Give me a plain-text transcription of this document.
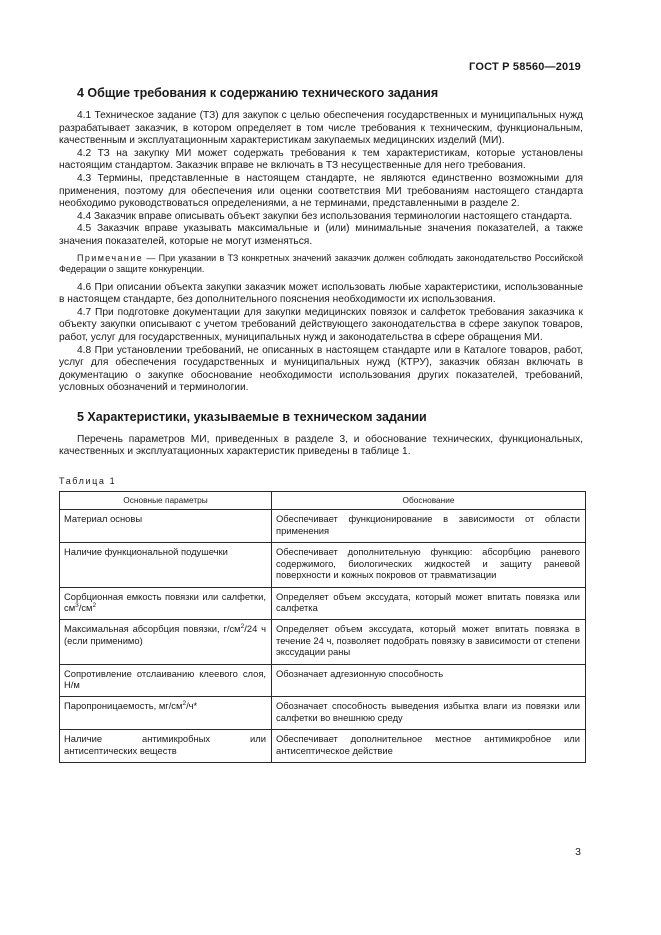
ГОСТ Р 58560—2019
4 Общие требования к содержанию технического задания

4.1 Техническое задание (ТЗ) для закупок с целью обеспечения государственных и муниципальных нужд разрабатывает заказчик, в котором определяет в том числе требования к техническим, функциональным, качественным и эксплуатационным характеристикам закупаемых медицинских изделий (МИ).

4.2 ТЗ на закупку МИ может содержать требования к тем характеристикам, которые установлены настоящим стандартом. Заказчик вправе не включать в ТЗ несущественные для него требования.

4.3 Термины, представленные в настоящем стандарте, не являются единственно возможными для применения, поэтому для обеспечения или оценки соответствия МИ требованиям настоящего стандарта необходимо руководствоваться определениями, а не терминами, представленными в разделе 2.

4.4 Заказчик вправе описывать объект закупки без использования терминологии настоящего стандарта.

4.5 Заказчик вправе указывать максимальные и (или) минимальные значения показателей, а также значения показателей, которые не могут изменяться.

Примечание — При указании в ТЗ конкретных значений заказчик должен соблюдать законодательство Российской Федерации о защите конкуренции.

4.6 При описании объекта закупки заказчик может использовать любые характеристики, использованные в настоящем стандарте, без дополнительного пояснения необходимости их использования.

4.7 При подготовке документации для закупки медицинских повязок и салфеток требования заказчика к объекту закупки описывают с учетом требований действующего законодательства в сфере закупок товаров, работ, услуг для государственных, муниципальных нужд и законодательства в сфере обращения МИ.

4.8 При установлении требований, не описанных в настоящем стандарте или в Каталоге товаров, работ, услуг для обеспечения государственных и муниципальных нужд (КТРУ), заказчик обязан включать в документацию о закупке обоснование необходимости использования других показателей, требований, условных обозначений и терминологии.

5 Характеристики, указываемые в техническом задании

Перечень параметров МИ, приведенных в разделе 3, и обоснование технических, функциональных, качественных и эксплуатационных характеристик приведены в таблице 1.

Таблица 1
Основные параметры	Обоснование
Материал основы	Обеспечивает функционирование в зависимости от области применения
Наличие функциональной подушечки	Обеспечивает дополнительную функцию: абсорбцию раневого содержимого, биологических жидкостей и защиту раневой поверхности и кожных покровов от травматизации
Сорбционная емкость повязки или салфетки, $см^3/см^2$	Определяет объем экссудата, который может впитать повязка или салфетка
Максимальная абсорбция повязки, $г/см^2/24$ ч (если применимо)	Определяет объем экссудата, который может впитать повязка в течение 24 ч, позволяет подобрать повязку в зависимости от степени экссудации раны
Сопротивление отслаиванию клеевого слоя, Н/м	Обозначает адгезионную способность
Паропроницаемость, $мг/см^2/ч*$	Обозначает способность выведения избытка влаги из повязки или салфетки во внешнюю среду
Наличие антимикробных или антисептических веществ	Обеспечивает дополнительное местное антимикробное или антисептическое действие
3
